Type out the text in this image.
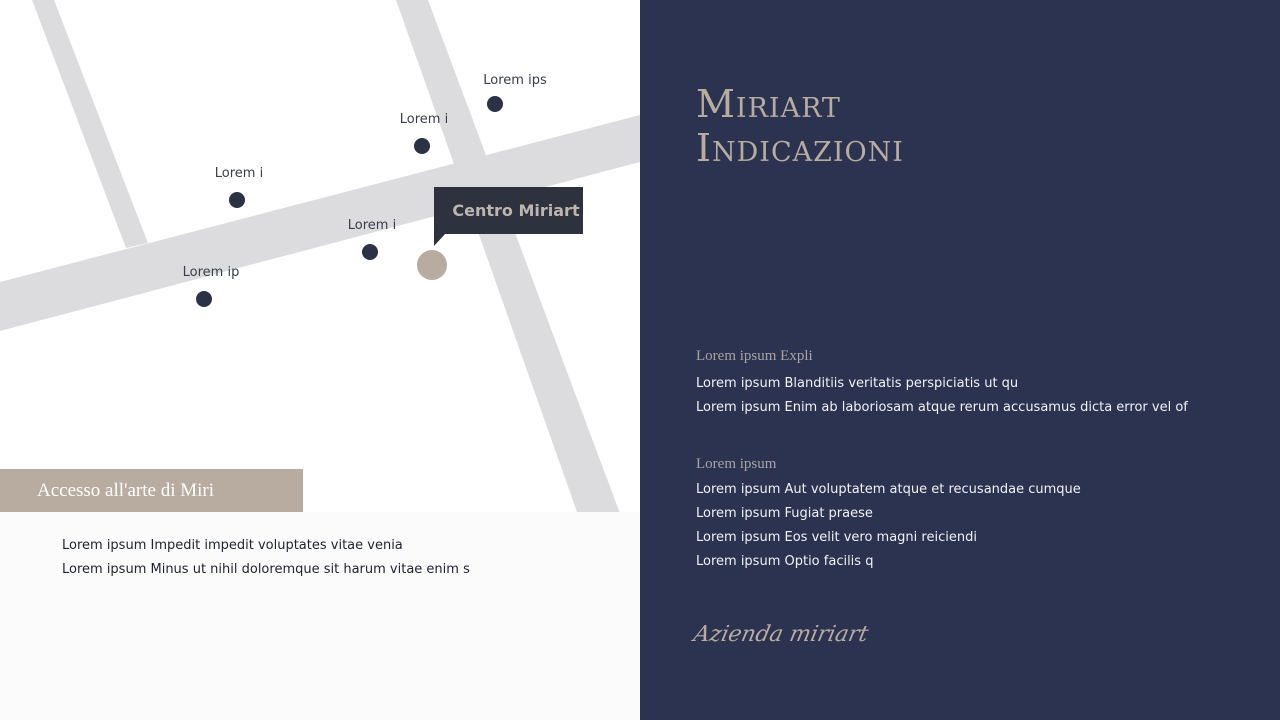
Lorem ips
Lorem i
Lorem i
Lorem i
Lorem ip
Centro Miriart
Lorem ipsum Impedit impedit voluptates vitae venia
Lorem ipsum Minus ut nihil doloremque sit harum vitae enim s
Accesso all'arte di Miri
Miriart
Indicazioni
Lorem ipsum Expli
Lorem ipsum Blanditiis veritatis perspiciatis ut qu
Lorem ipsum Enim ab laboriosam atque rerum accusamus dicta error vel of
Lorem ipsum
Lorem ipsum Aut voluptatem atque et recusandae cumque
Lorem ipsum Fugiat praese
Lorem ipsum Eos velit vero magni reiciendi
Lorem ipsum Optio facilis q
Azienda miriart
